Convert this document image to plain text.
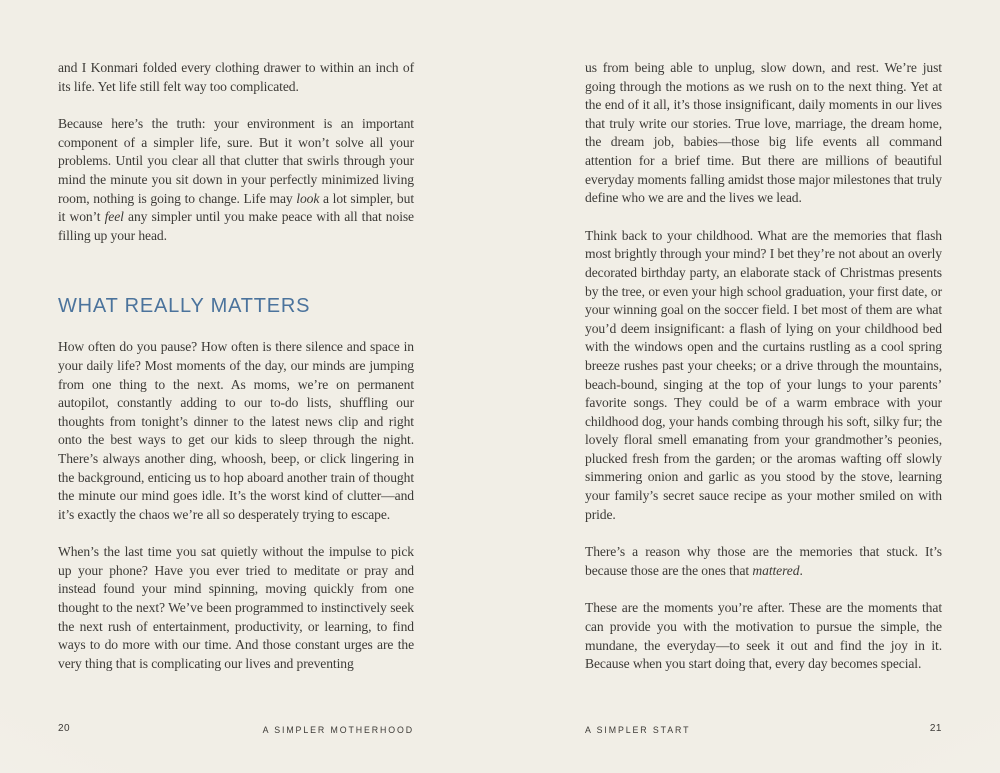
and I Konmari folded every clothing drawer to within an inch of its life. Yet life still felt way too complicated.

Because here’s the truth: your environment is an important component of a simpler life, sure. But it won’t solve all your problems. Until you clear all that clutter that swirls through your mind the minute you sit down in your perfectly minimized living room, nothing is going to change. Life may look a lot simpler, but it won’t feel any simpler until you make peace with all that noise filling up your head.

WHAT REALLY MATTERS

How often do you pause? How often is there silence and space in your daily life? Most moments of the day, our minds are jumping from one thing to the next. As moms, we’re on permanent autopilot, constantly adding to our to-do lists, shuffling our thoughts from tonight’s dinner to the latest news clip and right onto the best ways to get our kids to sleep through the night. There’s always another ding, whoosh, beep, or click lingering in the background, enticing us to hop aboard another train of thought the minute our mind goes idle. It’s the worst kind of clutter—and it’s exactly the chaos we’re all so desperately trying to escape.

When’s the last time you sat quietly without the impulse to pick up your phone? Have you ever tried to meditate or pray and instead found your mind spinning, moving quickly from one thought to the next? We’ve been programmed to instinctively seek the next rush of entertainment, productivity, or learning, to find ways to do more with our time. And those constant urges are the very thing that is complicating our lives and preventing

us from being able to unplug, slow down, and rest. We’re just going through the motions as we rush on to the next thing. Yet at the end of it all, it’s those insignificant, daily moments in our lives that truly write our stories. True love, marriage, the dream home, the dream job, babies—those big life events all command attention for a brief time. But there are millions of beautiful everyday moments falling amidst those major milestones that truly define who we are and the lives we lead.

Think back to your childhood. What are the memories that flash most brightly through your mind? I bet they’re not about an overly decorated birthday party, an elaborate stack of Christmas presents by the tree, or even your high school graduation, your first date, or your winning goal on the soccer field. I bet most of them are what you’d deem insignificant: a flash of lying on your childhood bed with the windows open and the curtains rustling as a cool spring breeze rushes past your cheeks; or a drive through the mountains, beach-bound, singing at the top of your lungs to your parents’ favorite songs. They could be of a warm embrace with your childhood dog, your hands combing through his soft, silky fur; the lovely floral smell emanating from your grandmother’s peonies, plucked fresh from the garden; or the aromas wafting off slowly simmering onion and garlic as you stood by the stove, learning your family’s secret sauce recipe as your mother smiled on with pride.

There’s a reason why those are the memories that stuck. It’s because those are the ones that mattered.

These are the moments you’re after. These are the moments that can provide you with the motivation to pursue the simple, the mundane, the everyday—to seek it out and find the joy in it. Because when you start doing that, every day becomes special.

20	A SIMPLER MOTHERHOOD	A SIMPLER START	21
